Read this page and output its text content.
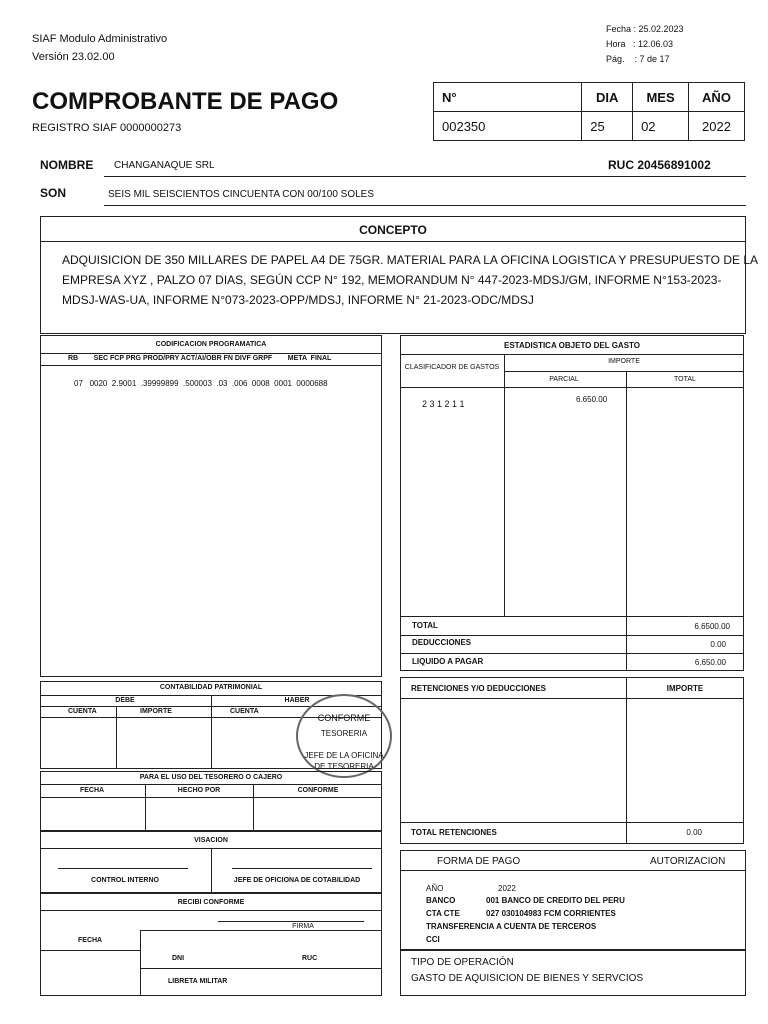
SIAF Modulo Administrativo
Versión 23.02.00
Fecha : 25.02.2023
Hora   : 12.06.03
Pág.    : 7 de 17
COMPROBANTE DE PAGO
REGISTRO SIAF 0000000273
N°	DIA	MES	AÑO
002350	25	02	2022
NOMBRE CHANGANAQUE SRL	RUC 20456891002
SON	SEIS MIL SEISCIENTOS CINCUENTA CON 00/100 SOLES
CONCEPTO
ADQUISICION DE 350 MILLARES DE PAPEL A4 DE 75GR. MATERIAL PARA LA OFICINA LOGISTICA Y PRESUPUESTO DE LA
EMPRESA XYZ , PALZO 07 DIAS, SEGÚN CCP N° 192, MEMORANDUM N° 447-2023-MDSJ/GM, INFORME N°153-2023-
MDSJ-WAS-UA, INFORME N°073-2023-OPP/MDSJ, INFORME N° 21-2023-ODC/MDSJ
CODIFICACION PROGRAMATICA
RB        SEC FCP PRG PROD/PRY ACT/AI/OBR FN DIVF GRPF        META  FINAL
07   0020  2.9001  .39999899  .500003  .03  .006  0008  0001  0000688
ESTADISTICA OBJETO DEL GASTO
CLASIFICADOR DE GASTOS
IMPORTE
PARCIAL	TOTAL
2 3 1 2 1 1	6.650.00
TOTAL	6.6500.00
DEDUCCIONES	0.00
LIQUIDO A PAGAR	6.650.00
CONTABILIDAD PATRIMONIAL
DEBE	HABER
CUENTA	IMPORTE	CUENTA
CONFORME
TESORERIA
JEFE DE LA OFICINA
DE TESORERIA
PARA EL USO DEL TESORERO O CAJERO
FECHA	HECHO POR	CONFORME
VISACION
CONTROL INTERNO	JEFE DE OFICIONA DE COTABILIDAD
RECIBI CONFORME
FIRMA
FECHA
DNI	RUC
LIBRETA MILITAR
RETENCIONES Y/O DEDUCCIONES	IMPORTE
TOTAL RETENCIONES	0.00
FORMA DE PAGO	AUTORIZACION
AÑO	2022
BANCO	001 BANCO DE CREDITO DEL PERU
CTA CTE	027 030104983 FCM CORRIENTES
TRANSFERENCIA A CUENTA DE TERCEROS
CCI
TIPO DE OPERACIÓN
GASTO DE AQUISICION DE BIENES Y SERVCIOS
